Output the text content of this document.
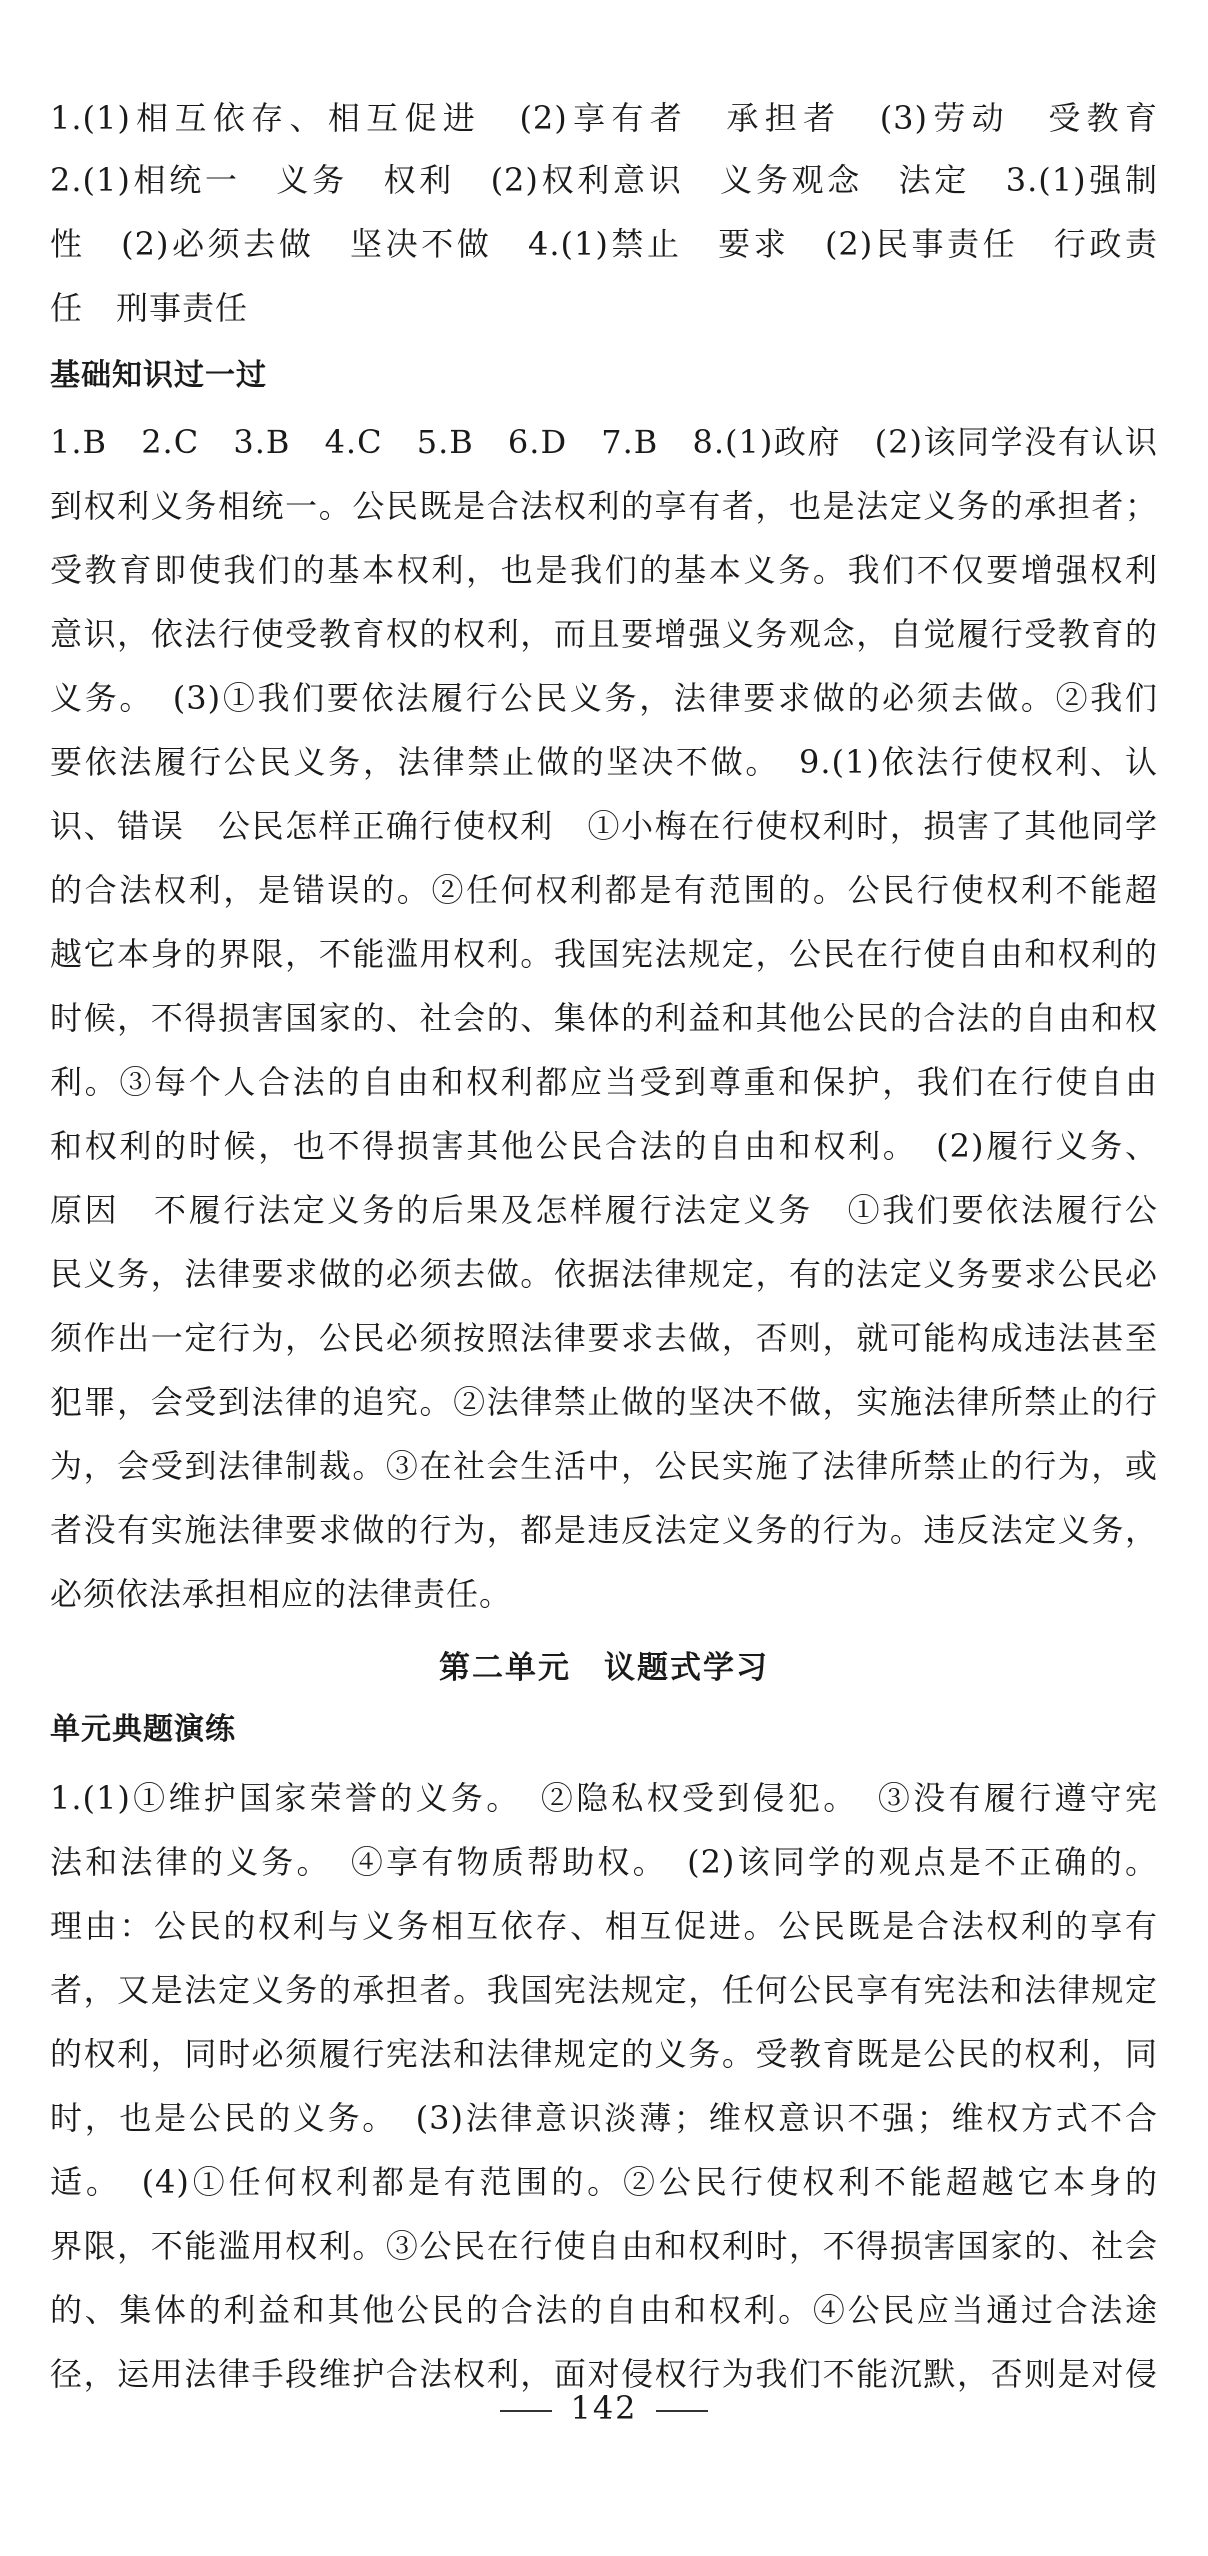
1.(1)相互依存、相互促进　(2)享有者　承担者　(3)劳动　受教育
2.(1)相统一　义务　权利　(2)权利意识　义务观念　法定　3.(1)强制
性　(2)必须去做　坚决不做　4.(1)禁止　要求　(2)民事责任　行政责
任　刑事责任
基础知识过一过
1.B　2.C　3.B　4.C　5.B　6.D　7.B　8.(1)政府　(2)该同学没有认识
到权利义务相统一。公民既是合法权利的享有者，也是法定义务的承担者；
受教育即使我们的基本权利，也是我们的基本义务。我们不仅要增强权利
意识，依法行使受教育权的权利，而且要增强义务观念，自觉履行受教育的
义务。　(3)①我们要依法履行公民义务，法律要求做的必须去做。②我们
要依法履行公民义务，法律禁止做的坚决不做。　9.(1)依法行使权利、认
识、错误　公民怎样正确行使权利　①小梅在行使权利时，损害了其他同学
的合法权利，是错误的。②任何权利都是有范围的。公民行使权利不能超
越它本身的界限，不能滥用权利。我国宪法规定，公民在行使自由和权利的
时候，不得损害国家的、社会的、集体的利益和其他公民的合法的自由和权
利。③每个人合法的自由和权利都应当受到尊重和保护，我们在行使自由
和权利的时候，也不得损害其他公民合法的自由和权利。　(2)履行义务、
原因　不履行法定义务的后果及怎样履行法定义务　①我们要依法履行公
民义务，法律要求做的必须去做。依据法律规定，有的法定义务要求公民必
须作出一定行为，公民必须按照法律要求去做，否则，就可能构成违法甚至
犯罪，会受到法律的追究。②法律禁止做的坚决不做，实施法律所禁止的行
为，会受到法律制裁。③在社会生活中，公民实施了法律所禁止的行为，或
者没有实施法律要求做的行为，都是违反法定义务的行为。违反法定义务，
必须依法承担相应的法律责任。
第二单元　议题式学习
单元典题演练
1.(1)①维护国家荣誉的义务。　②隐私权受到侵犯。　③没有履行遵守宪
法和法律的义务。　④享有物质帮助权。　(2)该同学的观点是不正确的。
理由：公民的权利与义务相互依存、相互促进。公民既是合法权利的享有
者，又是法定义务的承担者。我国宪法规定，任何公民享有宪法和法律规定
的权利，同时必须履行宪法和法律规定的义务。受教育既是公民的权利，同
时，也是公民的义务。　(3)法律意识淡薄；维权意识不强；维权方式不合
适。　(4)①任何权利都是有范围的。②公民行使权利不能超越它本身的
界限，不能滥用权利。③公民在行使自由和权利时，不得损害国家的、社会
的、集体的利益和其他公民的合法的自由和权利。④公民应当通过合法途
径，运用法律手段维护合法权利，面对侵权行为我们不能沉默，否则是对侵
142
